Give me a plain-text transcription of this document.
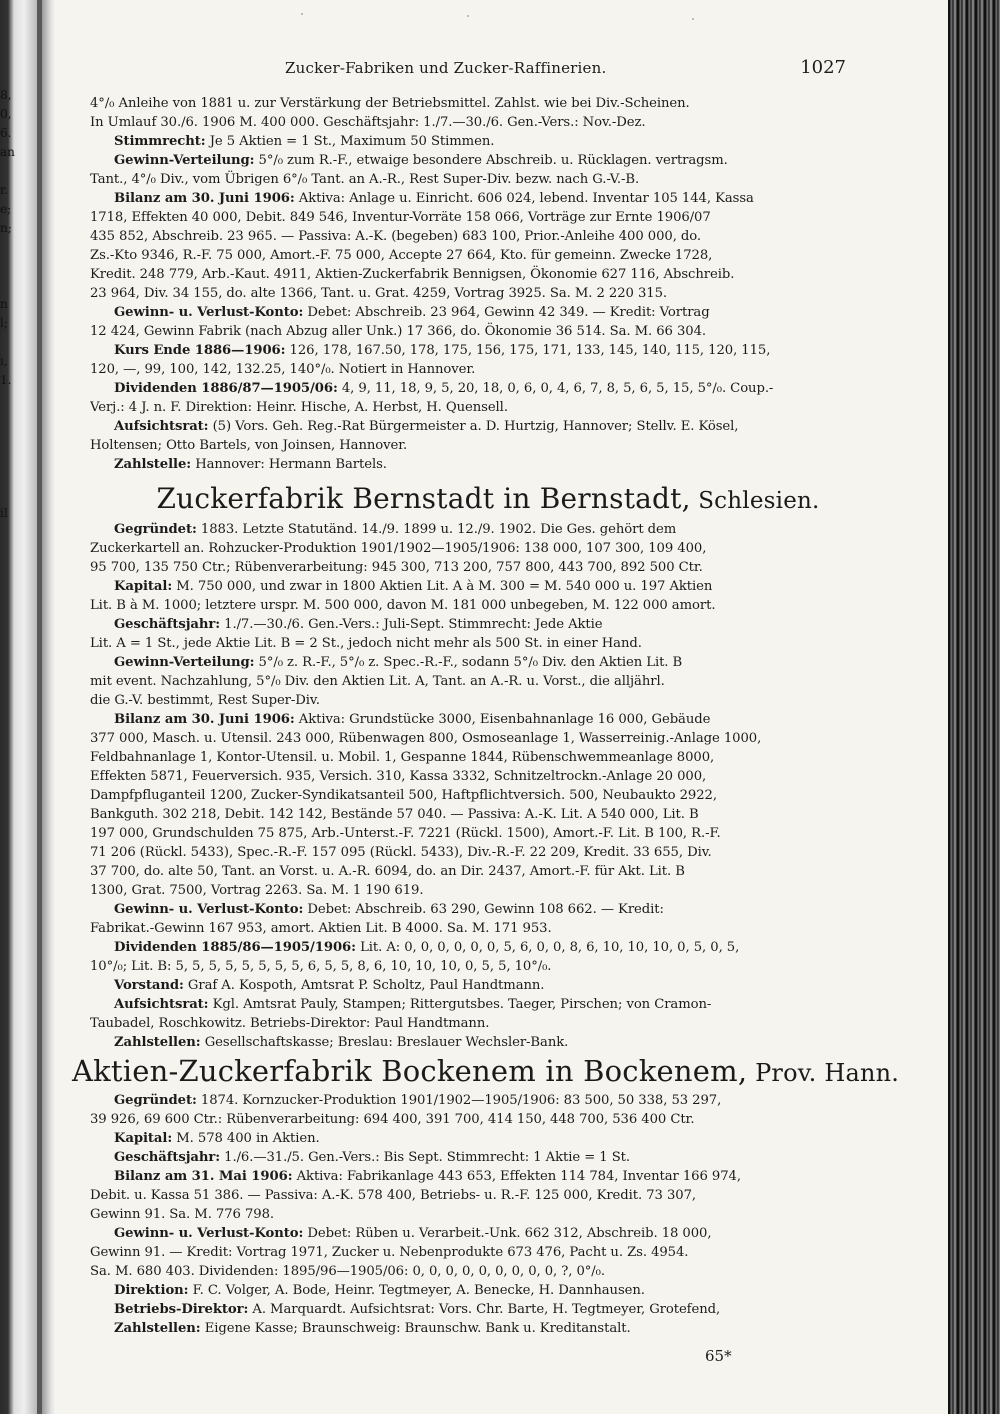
8,
0,
6.
an
r.
e;
n;
n
l;
ı,
1.
il
Zucker-Fabriken und Zucker-Raffinerien.	1027
4°/₀ Anleihe von 1881 u. zur Verstärkung der Betriebsmittel. Zahlst. wie bei Div.-Scheinen.
In Umlauf 30./6. 1906 M. 400 000. Geschäftsjahr: 1./7.—30./6. Gen.-Vers.: Nov.-Dez.
Stimmrecht: Je 5 Aktien = 1 St., Maximum 50 Stimmen.
Gewinn-Verteilung: 5°/₀ zum R.-F., etwaige besondere Abschreib. u. Rücklagen. vertragsm.
Tant., 4°/₀ Div., vom Übrigen 6°/₀ Tant. an A.-R., Rest Super-Div. bezw. nach G.-V.-B.
Bilanz am 30. Juni 1906: Aktiva: Anlage u. Einricht. 606 024, lebend. Inventar 105 144, Kassa
1718, Effekten 40 000, Debit. 849 546, Inventur-Vorräte 158 066, Vorträge zur Ernte 1906/07
435 852, Abschreib. 23 965. — Passiva: A.-K. (begeben) 683 100, Prior.-Anleihe 400 000, do.
Zs.-Kto 9346, R.-F. 75 000, Amort.-F. 75 000, Accepte 27 664, Kto. für gemeinn. Zwecke 1728,
Kredit. 248 779, Arb.-Kaut. 4911, Aktien-Zuckerfabrik Bennigsen, Ökonomie 627 116, Abschreib.
23 964, Div. 34 155, do. alte 1366, Tant. u. Grat. 4259, Vortrag 3925. Sa. M. 2 220 315.
Gewinn- u. Verlust-Konto: Debet: Abschreib. 23 964, Gewinn 42 349. — Kredit: Vortrag
12 424, Gewinn Fabrik (nach Abzug aller Unk.) 17 366, do. Ökonomie 36 514. Sa. M. 66 304.
Kurs Ende 1886—1906: 126, 178, 167.50, 178, 175, 156, 175, 171, 133, 145, 140, 115, 120, 115,
120, —, 99, 100, 142, 132.25, 140°/₀. Notiert in Hannover.
Dividenden 1886/87—1905/06: 4, 9, 11, 18, 9, 5, 20, 18, 0, 6, 0, 4, 6, 7, 8, 5, 6, 5, 15, 5°/₀. Coup.-
Verj.: 4 J. n. F. Direktion: Heinr. Hische, A. Herbst, H. Quensell.
Aufsichtsrat: (5) Vors. Geh. Reg.-Rat Bürgermeister a. D. Hurtzig, Hannover; Stellv. E. Kösel,
Holtensen; Otto Bartels, von Joinsen, Hannover.
Zahlstelle: Hannover: Hermann Bartels.
Zuckerfabrik Bernstadt in Bernstadt, Schlesien.
Gegründet: 1883. Letzte Statutänd. 14./9. 1899 u. 12./9. 1902. Die Ges. gehört dem
Zuckerkartell an. Rohzucker-Produktion 1901/1902—1905/1906: 138 000, 107 300, 109 400,
95 700, 135 750 Ctr.; Rübenverarbeitung: 945 300, 713 200, 757 800, 443 700, 892 500 Ctr.
Kapital: M. 750 000, und zwar in 1800 Aktien Lit. A à M. 300 = M. 540 000 u. 197 Aktien
Lit. B à M. 1000; letztere urspr. M. 500 000, davon M. 181 000 unbegeben, M. 122 000 amort.
Geschäftsjahr: 1./7.—30./6. Gen.-Vers.: Juli-Sept. Stimmrecht: Jede Aktie
Lit. A = 1 St., jede Aktie Lit. B = 2 St., jedoch nicht mehr als 500 St. in einer Hand.
Gewinn-Verteilung: 5°/₀ z. R.-F., 5°/₀ z. Spec.-R.-F., sodann 5°/₀ Div. den Aktien Lit. B
mit event. Nachzahlung, 5°/₀ Div. den Aktien Lit. A, Tant. an A.-R. u. Vorst., die alljährl.
die G.-V. bestimmt, Rest Super-Div.
Bilanz am 30. Juni 1906: Aktiva: Grundstücke 3000, Eisenbahnanlage 16 000, Gebäude
377 000, Masch. u. Utensil. 243 000, Rübenwagen 800, Osmoseanlage 1, Wasserreinig.-Anlage 1000,
Feldbahnanlage 1, Kontor-Utensil. u. Mobil. 1, Gespanne 1844, Rübenschwemmeanlage 8000,
Effekten 5871, Feuerversich. 935, Versich. 310, Kassa 3332, Schnitzeltrockn.-Anlage 20 000,
Dampfpfluganteil 1200, Zucker-Syndikatsanteil 500, Haftpflichtversich. 500, Neubaukto 2922,
Bankguth. 302 218, Debit. 142 142, Bestände 57 040. — Passiva: A.-K. Lit. A 540 000, Lit. B
197 000, Grundschulden 75 875, Arb.-Unterst.-F. 7221 (Rückl. 1500), Amort.-F. Lit. B 100, R.-F.
71 206 (Rückl. 5433), Spec.-R.-F. 157 095 (Rückl. 5433), Div.-R.-F. 22 209, Kredit. 33 655, Div.
37 700, do. alte 50, Tant. an Vorst. u. A.-R. 6094, do. an Dir. 2437, Amort.-F. für Akt. Lit. B
1300, Grat. 7500, Vortrag 2263. Sa. M. 1 190 619.
Gewinn- u. Verlust-Konto: Debet: Abschreib. 63 290, Gewinn 108 662. — Kredit:
Fabrikat.-Gewinn 167 953, amort. Aktien Lit. B 4000. Sa. M. 171 953.
Dividenden 1885/86—1905/1906: Lit. A: 0, 0, 0, 0, 0, 0, 5, 6, 0, 0, 8, 6, 10, 10, 10, 0, 5, 0, 5,
10°/₀; Lit. B: 5, 5, 5, 5, 5, 5, 5, 5, 6, 5, 5, 8, 6, 10, 10, 10, 0, 5, 5, 10°/₀.
Vorstand: Graf A. Kospoth, Amtsrat P. Scholtz, Paul Handtmann.
Aufsichtsrat: Kgl. Amtsrat Pauly, Stampen; Rittergutsbes. Taeger, Pirschen; von Cramon-
Taubadel, Roschkowitz. Betriebs-Direktor: Paul Handtmann.
Zahlstellen: Gesellschaftskasse; Breslau: Breslauer Wechsler-Bank.
Aktien-Zuckerfabrik Bockenem in Bockenem, Prov. Hann.
Gegründet: 1874. Kornzucker-Produktion 1901/1902—1905/1906: 83 500, 50 338, 53 297,
39 926, 69 600 Ctr.: Rübenverarbeitung: 694 400, 391 700, 414 150, 448 700, 536 400 Ctr.
Kapital: M. 578 400 in Aktien.
Geschäftsjahr: 1./6.—31./5. Gen.-Vers.: Bis Sept. Stimmrecht: 1 Aktie = 1 St.
Bilanz am 31. Mai 1906: Aktiva: Fabrikanlage 443 653, Effekten 114 784, Inventar 166 974,
Debit. u. Kassa 51 386. — Passiva: A.-K. 578 400, Betriebs- u. R.-F. 125 000, Kredit. 73 307,
Gewinn 91. Sa. M. 776 798.
Gewinn- u. Verlust-Konto: Debet: Rüben u. Verarbeit.-Unk. 662 312, Abschreib. 18 000,
Gewinn 91. — Kredit: Vortrag 1971, Zucker u. Nebenprodukte 673 476, Pacht u. Zs. 4954.
Sa. M. 680 403. Dividenden: 1895/96—1905/06: 0, 0, 0, 0, 0, 0, 0, 0, 0, ?, 0°/₀.
Direktion: F. C. Volger, A. Bode, Heinr. Tegtmeyer, A. Benecke, H. Dannhausen.
Betriebs-Direktor: A. Marquardt. Aufsichtsrat: Vors. Chr. Barte, H. Tegtmeyer, Grotefend,
Zahlstellen: Eigene Kasse; Braunschweig: Braunschw. Bank u. Kreditanstalt.
65*
